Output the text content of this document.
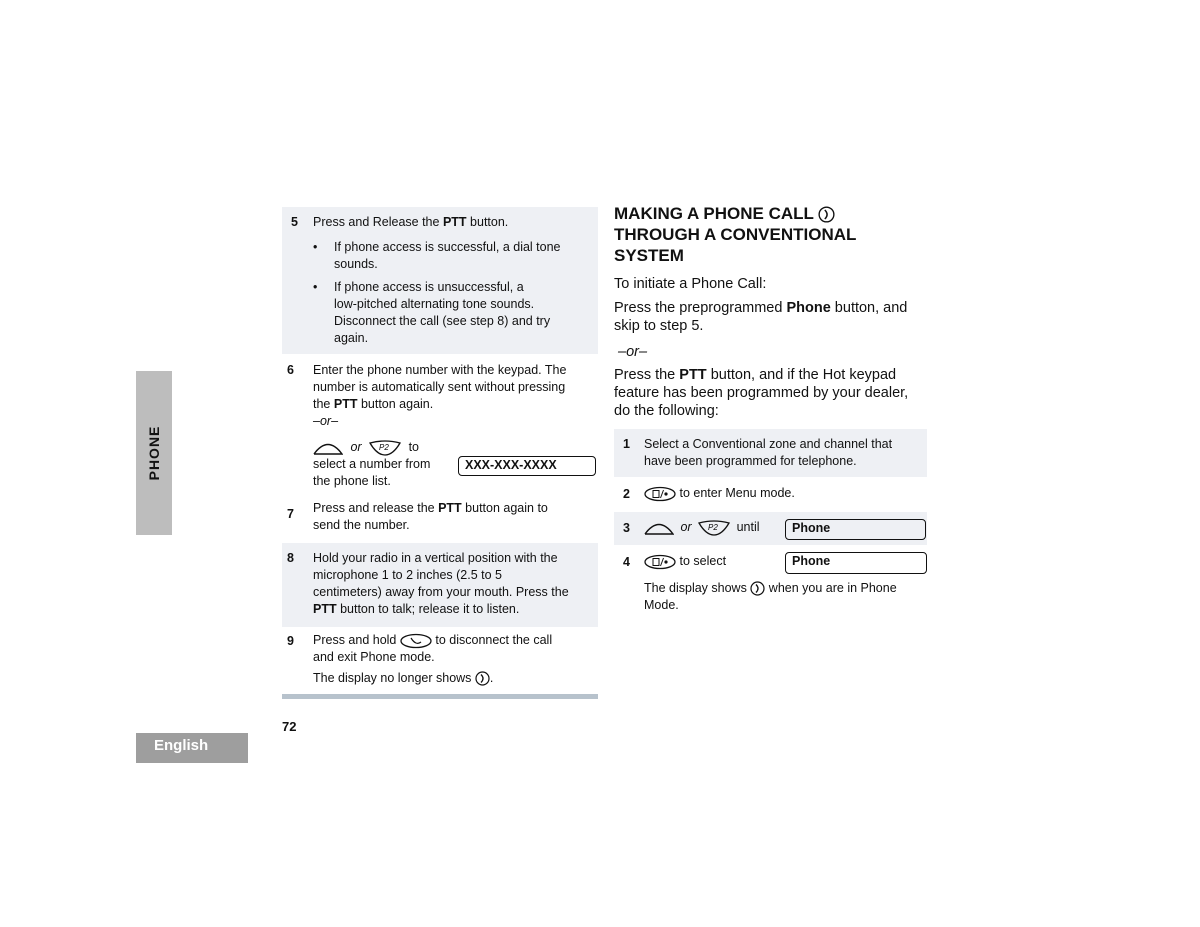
PHONE
English
72
5 Press and Release the PTT button.
• If phone access is successful, a dial tone
sounds.
• If phone access is unsuccessful, a
low-pitched alternating tone sounds.
Disconnect the call (see step 8) and try
again.
6 Enter the phone number with the keypad. The
number is automatically sent without pressing
the PTT button again.
–or–
or P2 to
select a number from
the phone list.
XXX-XXX-XXXX
7 Press and release the PTT button again to
send the number.
8 Hold your radio in a vertical position with the
microphone 1 to 2 inches (2.5 to 5
centimeters) away from your mouth. Press the
PTT button to talk; release it to listen.
9 Press and hold	to disconnect the call
and exit Phone mode.
The display no longer shows .
MAKING A PHONE CALL
THROUGH A CONVENTIONAL
SYSTEM
To initiate a Phone Call:
Press the preprogrammed Phone button, and
skip to step 5.
–or–
Press the PTT button, and if the Hot keypad
feature has been programmed by your dealer,
do the following:
1 Select a Conventional zone and channel that
have been programmed for telephone.
2	to enter Menu mode.
3	or P2 until	Phone
4	to select	Phone
The display shows when you are in Phone
Mode.
